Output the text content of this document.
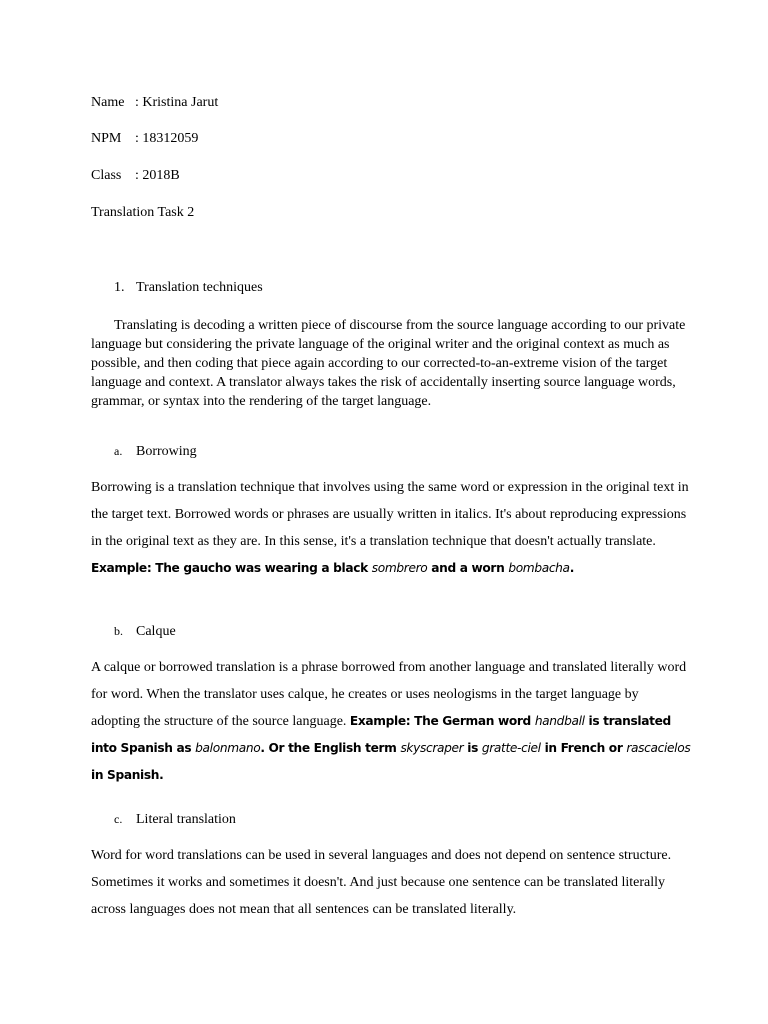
Name : Kristina Jarut
NPM : 18312059
Class : 2018B
Translation Task 2
1. Translation techniques

Translating is decoding a written piece of discourse from the source language according to our private language but considering the private language of the original writer and the original context as much as possible, and then coding that piece again according to our corrected-to-an-extreme vision of the target language and context. A translator always takes the risk of accidentally inserting source language words, grammar, or syntax into the rendering of the target language.

a. Borrowing

Borrowing is a translation technique that involves using the same word or expression in the original text in the target text. Borrowed words or phrases are usually written in italics. It's about reproducing expressions in the original text as they are. In this sense, it's a translation technique that doesn't actually translate. Example: The gaucho was wearing a black sombrero and a worn bombacha.

b. Calque

A calque or borrowed translation is a phrase borrowed from another language and translated literally word for word. When the translator uses calque, he creates or uses neologisms in the target language by adopting the structure of the source language. Example: The German word handball is translated into Spanish as balonmano. Or the English term skyscraper is gratte-ciel in French or rascacielos in Spanish.

c. Literal translation

Word for word translations can be used in several languages and does not depend on sentence structure. Sometimes it works and sometimes it doesn't. And just because one sentence can be translated literally across languages does not mean that all sentences can be translated literally.
